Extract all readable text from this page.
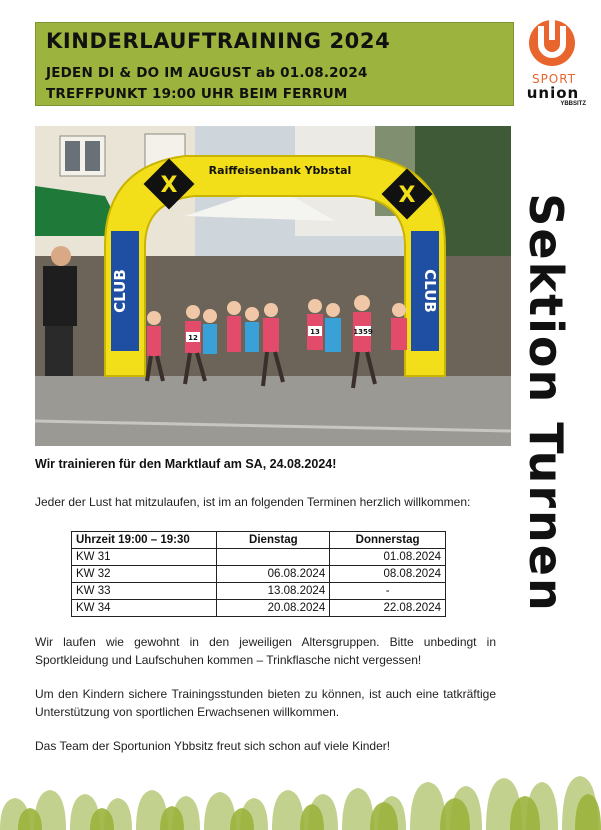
KINDERLAUFTRAINING 2024
JEDEN DI & DO IM AUGUST ab 01.08.2024
TREFFPUNKT 19:00 UHR BEIM FERRUM
SPORT
union
YBBSITZ
CLUB	CLUB
X	X
Raiffeisenbank Ybbstal
12
13	1359	Sektion Turnen
Wir trainieren für den Marktlauf am SA, 24.08.2024!
Jeder der Lust hat mitzulaufen, ist im an folgenden Terminen herzlich willkommen:
Uhrzeit 19:00 – 19:30	Dienstag	Donnerstag
KW 31		01.08.2024
KW 32	06.08.2024	08.08.2024
KW 33	13.08.2024	-
KW 34	20.08.2024	22.08.2024
Wir laufen wie gewohnt in den jeweiligen Altersgruppen. Bitte unbedingt in Sportkleidung und Laufschuhen kommen – Trinkflasche nicht vergessen!
Um den Kindern sichere Trainingsstunden bieten zu können, ist auch eine tatkräftige Unterstützung von sportlichen Erwachsenen willkommen.
Das Team der Sportunion Ybbsitz freut sich schon auf viele Kinder!
